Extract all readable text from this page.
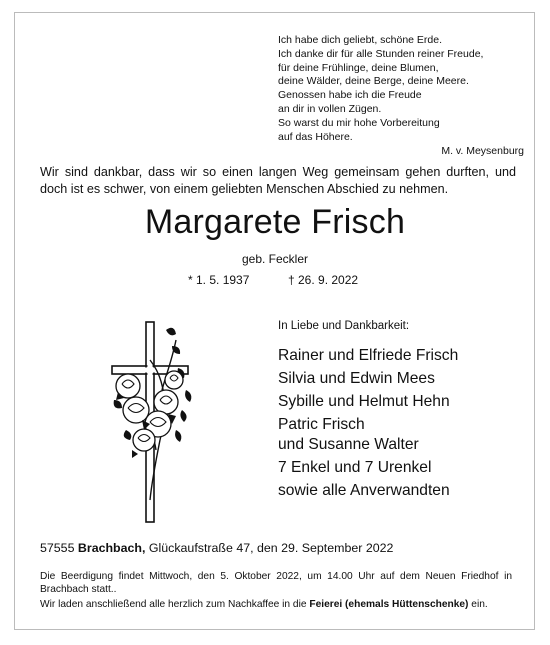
Ich habe dich geliebt, schöne Erde.
Ich danke dir für alle Stunden reiner Freude,
für deine Frühlinge, deine Blumen,
deine Wälder, deine Berge, deine Meere.
Genossen habe ich die Freude
an dir in vollen Zügen.
So warst du mir hohe Vorbereitung
auf das Höhere.
M. v. Meysenburg
Wir sind dankbar, dass wir so einen langen Weg gemeinsam gehen durften, und doch ist es schwer, von einem geliebten Menschen Abschied zu nehmen.
Margarete Frisch
geb. Feckler
* 1. 5. 1937	† 26. 9. 2022
In Liebe und Dankbarkeit:
Rainer und Elfriede Frisch
Silvia und Edwin Mees
Sybille und Helmut Hehn
Patric Frisch
und Susanne Walter
7 Enkel und 7 Urenkel
sowie alle Anverwandten
57555 Brachbach, Glückaufstraße 47, den 29. September 2022
Die Beerdigung findet Mittwoch, den 5. Oktober 2022, um 14.00 Uhr auf dem Neuen Friedhof in Brachbach statt..
Wir laden anschließend alle herzlich zum Nachkaffee in die Feierei (ehemals Hüttenschenke) ein.
